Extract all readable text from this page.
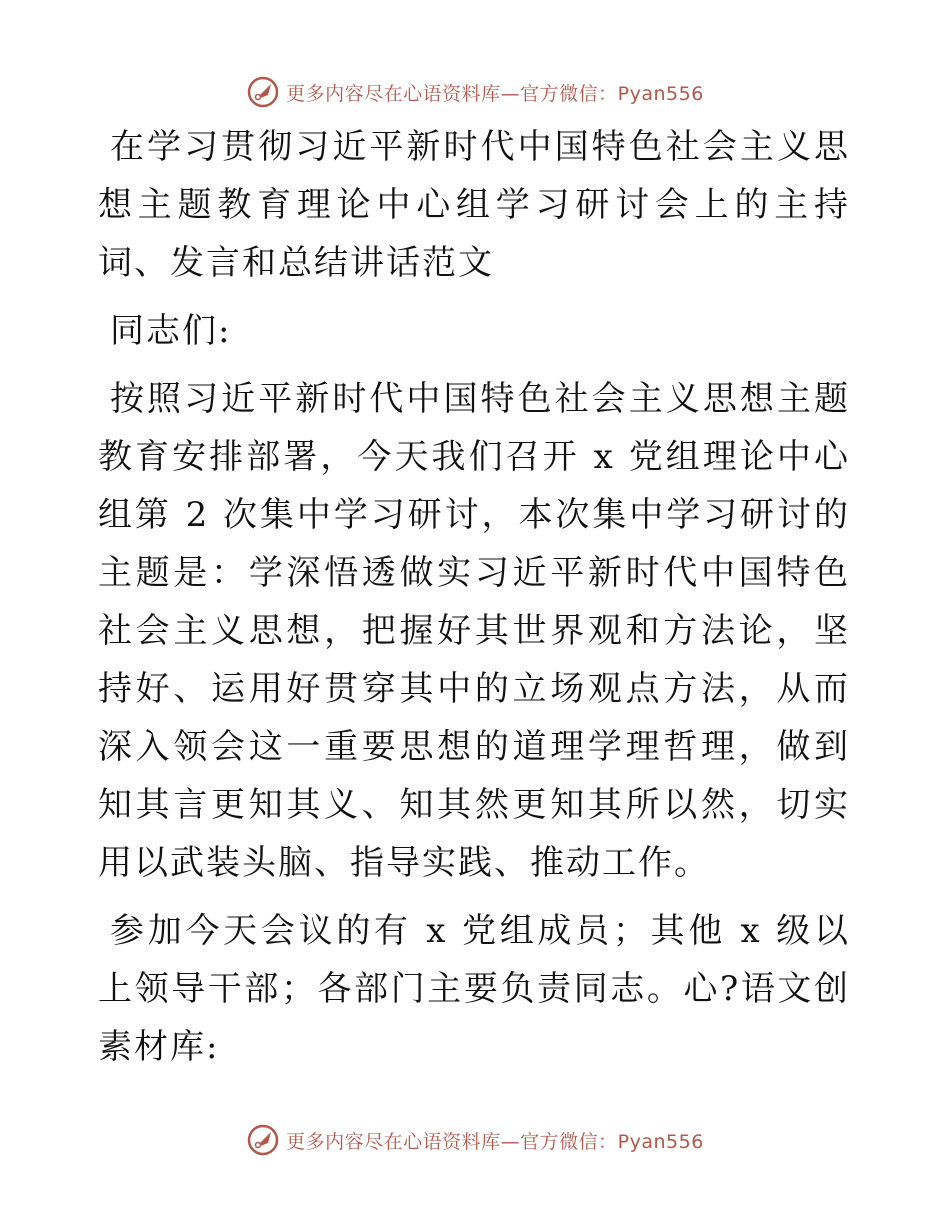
更多内容尽在心语资料库—官方微信：Pyan556

在学习贯彻习近平新时代中国特色社会主义思想主题教育理论中心组学习研讨会上的主持词、发言和总结讲话范文

同志们:

按照习近平新时代中国特色社会主义思想主题教育安排部署，今天我们召开 x 党组理论中心组第 2 次集中学习研讨，本次集中学习研讨的主题是：学深悟透做实习近平新时代中国特色社会主义思想，把握好其世界观和方法论，坚持好、运用好贯穿其中的立场观点方法，从而深入领会这一重要思想的道理学理哲理，做到知其言更知其义、知其然更知其所以然，切实用以武装头脑、指导实践、推动工作。

参加今天会议的有 x 党组成员；其他 x 级以上领导干部；各部门主要负责同志。心?语文创素材库:

更多内容尽在心语资料库—官方微信：Pyan556
